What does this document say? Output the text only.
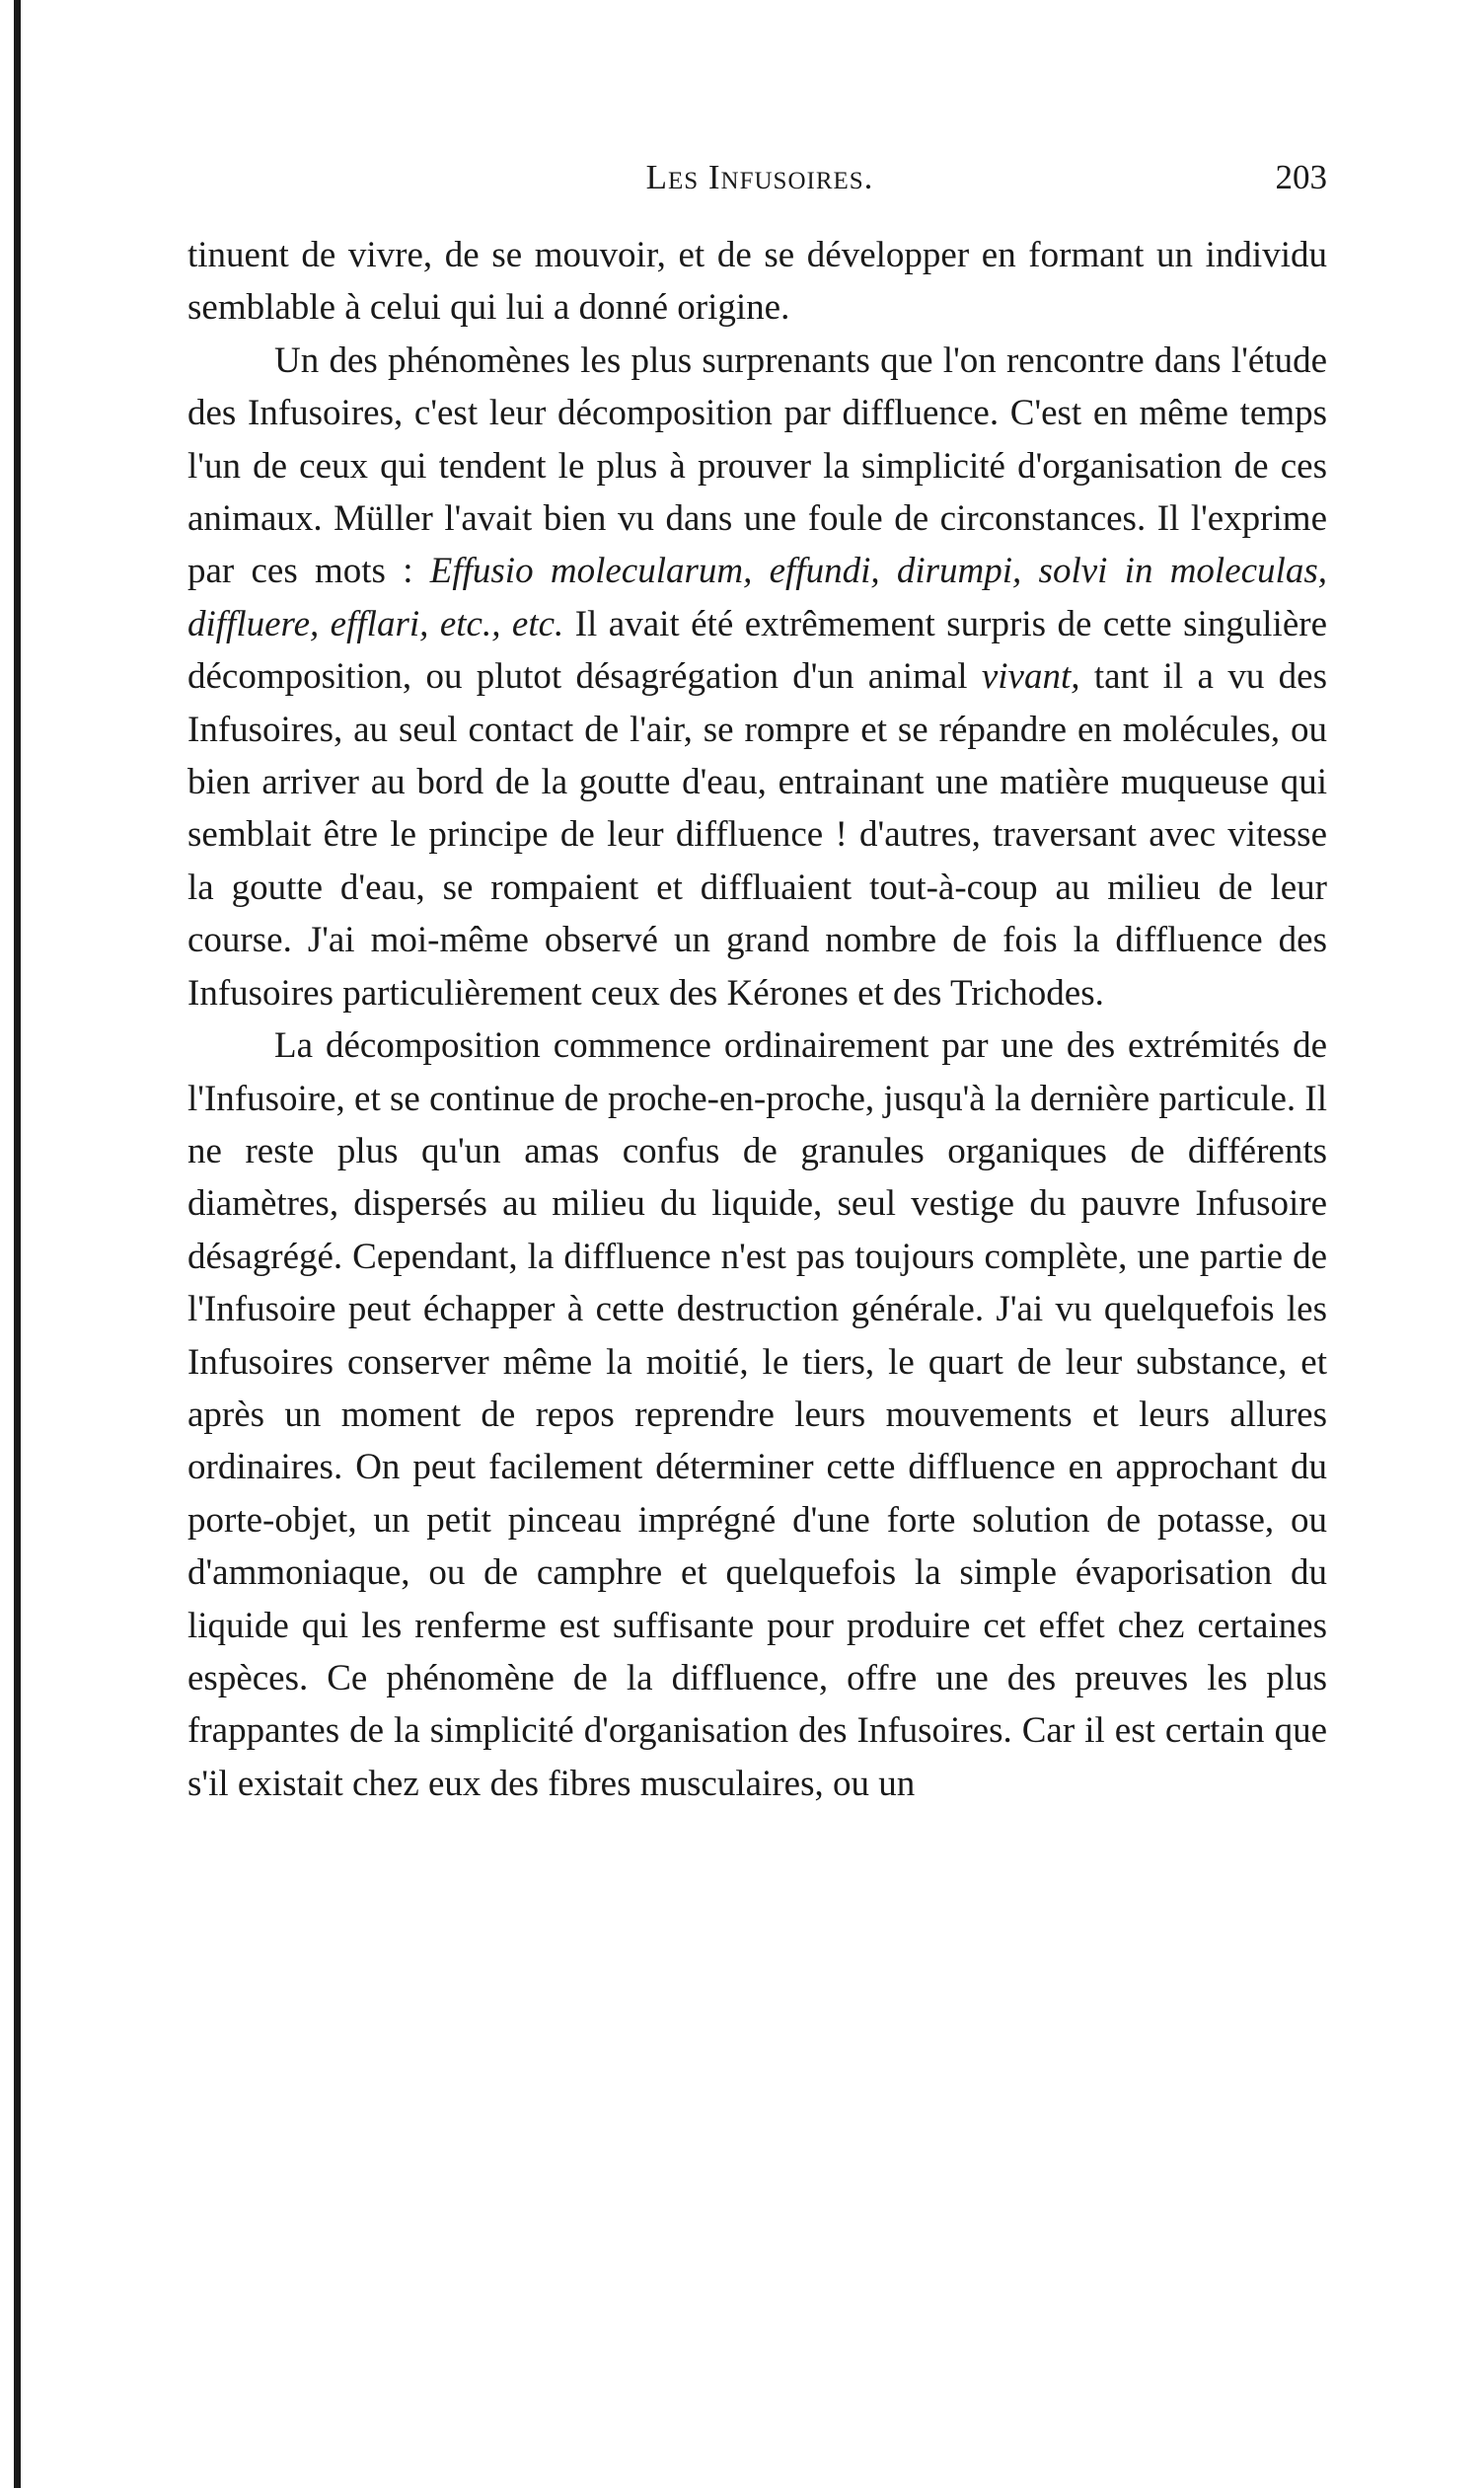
Les Infusoires.	203

tinuent de vivre, de se mouvoir, et de se développer en formant un individu semblable à celui qui lui a donné origine.

Un des phénomènes les plus surprenants que l'on rencontre dans l'étude des Infusoires, c'est leur décomposition par diffluence. C'est en même temps l'un de ceux qui tendent le plus à prouver la simplicité d'organisation de ces animaux. Müller l'avait bien vu dans une foule de circonstances. Il l'exprime par ces mots : Effusio molecularum, effundi, dirumpi, solvi in moleculas, diffluere, efflari, etc., etc. Il avait été extrêmement surpris de cette singulière décomposition, ou plutot désagrégation d'un animal vivant, tant il a vu des Infusoires, au seul contact de l'air, se rompre et se répandre en molécules, ou bien arriver au bord de la goutte d'eau, entrainant une matière muqueuse qui semblait être le principe de leur diffluence ! d'autres, traversant avec vitesse la goutte d'eau, se rompaient et diffluaient tout-à-coup au milieu de leur course. J'ai moi-même observé un grand nombre de fois la diffluence des Infusoires particulièrement ceux des Kérones et des Trichodes.

La décomposition commence ordinairement par une des extrémités de l'Infusoire, et se continue de proche-en-proche, jusqu'à la dernière particule. Il ne reste plus qu'un amas confus de granules organiques de différents diamètres, dispersés au milieu du liquide, seul vestige du pauvre Infusoire désagrégé. Cependant, la diffluence n'est pas toujours complète, une partie de l'Infusoire peut échapper à cette destruction générale. J'ai vu quelquefois les Infusoires conserver même la moitié, le tiers, le quart de leur substance, et après un moment de repos reprendre leurs mouvements et leurs allures ordinaires. On peut facilement déterminer cette diffluence en approchant du porte-objet, un petit pinceau imprégné d'une forte solution de potasse, ou d'ammoniaque, ou de camphre et quelquefois la simple évaporisation du liquide qui les renferme est suffisante pour produire cet effet chez certaines espèces. Ce phénomène de la diffluence, offre une des preuves les plus frappantes de la simplicité d'organisation des Infusoires. Car il est certain que s'il existait chez eux des fibres musculaires, ou un
